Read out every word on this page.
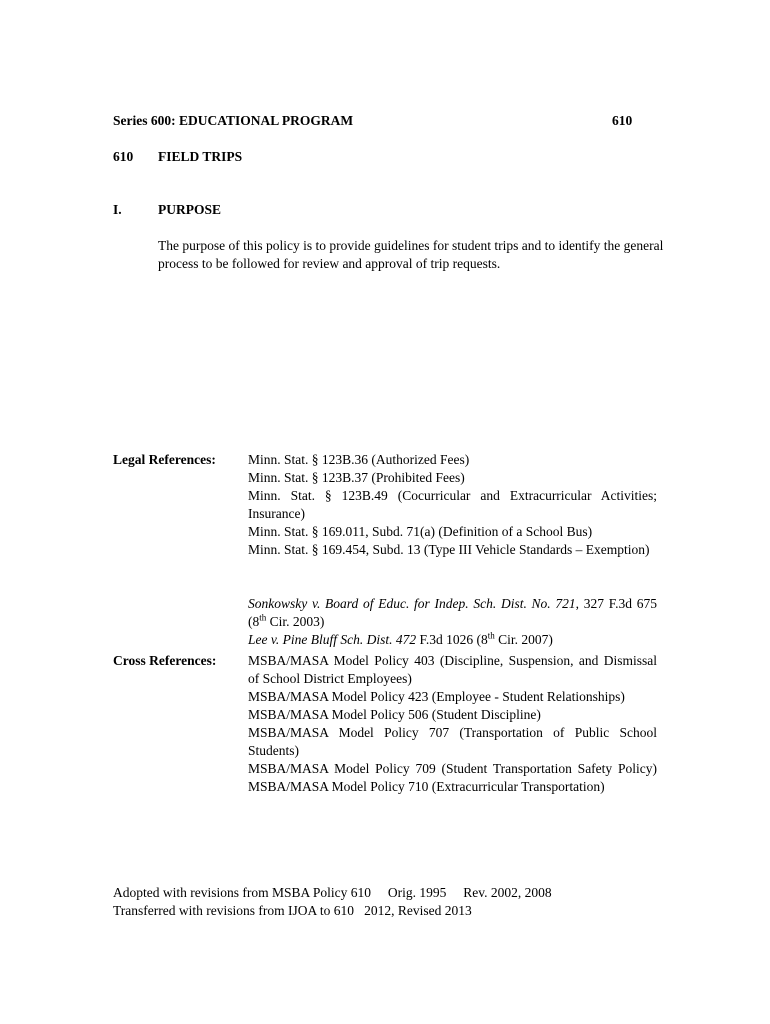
Series 600: EDUCATIONAL PROGRAM	610
610 FIELD TRIPS
I.	PURPOSE
The purpose of this policy is to provide guidelines for student trips and to identify the general process to be followed for review and approval of trip requests.
Legal References: Minn. Stat. § 123B.36 (Authorized Fees)
Minn. Stat. § 123B.37 (Prohibited Fees)
Minn. Stat. § 123B.49 (Cocurricular and Extracurricular Activities; Insurance)
Minn. Stat. § 169.011, Subd. 71(a) (Definition of a School Bus)
Minn. Stat. § 169.454, Subd. 13 (Type III Vehicle Standards – Exemption)
Sonkowsky v. Board of Educ. for Indep. Sch. Dist. No. 721, 327 F.3d 675 (8th Cir. 2003)
Lee v. Pine Bluff Sch. Dist. 472 F.3d 1026 (8th Cir. 2007)
Cross References: MSBA/MASA Model Policy 403 (Discipline, Suspension, and Dismissal of School District Employees)
MSBA/MASA Model Policy 423 (Employee - Student Relationships)
MSBA/MASA Model Policy 506 (Student Discipline)
MSBA/MASA Model Policy 707 (Transportation of Public School Students)
MSBA/MASA Model Policy 709 (Student Transportation Safety Policy) MSBA/MASA Model Policy 710 (Extracurricular Transportation)
Adopted with revisions from MSBA Policy 610     Orig. 1995     Rev. 2002, 2008
Transferred with revisions from IJOA to 610   2012, Revised 2013
